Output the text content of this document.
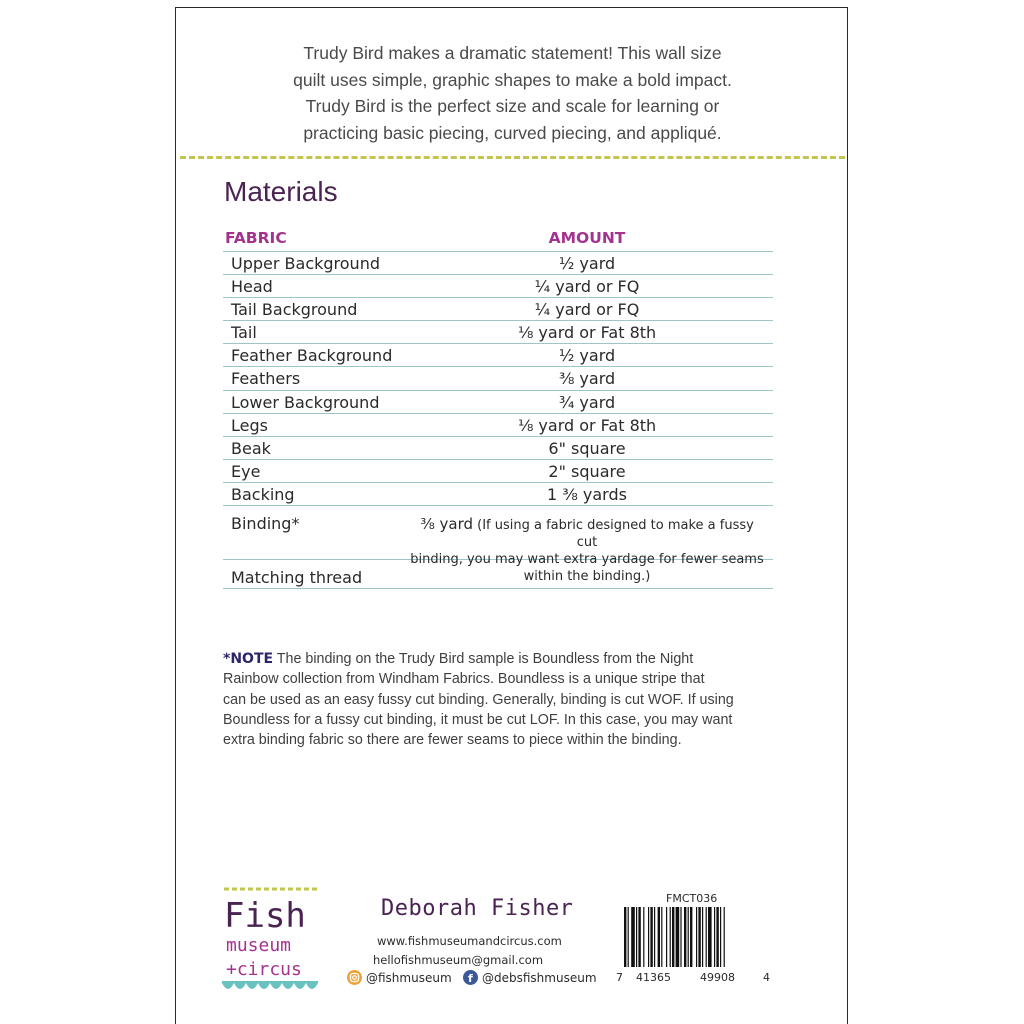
Trudy Bird makes a dramatic statement! This wall size
quilt uses simple, graphic shapes to make a bold impact.
Trudy Bird is the perfect size and scale for learning or
practicing basic piecing, curved piecing, and appliqué.
Materials
FABRIC	AMOUNT
Upper Background	½ yard
Head	¼ yard or FQ
Tail Background	¼ yard or FQ
Tail	⅛ yard or Fat 8th
Feather Background	½ yard
Feathers	⅜ yard
Lower Background	¾ yard
Legs	⅛ yard or Fat 8th
Beak	6" square
Eye	2" square
Backing	1 ⅜ yards
Binding*	⅜ yard (If using a fabric designed to make a fussy cut
binding, you may want extra yardage for fewer seams
within the binding.)
Matching thread
*NOTE The binding on the Trudy Bird sample is Boundless from the Night
Rainbow collection from Windham Fabrics. Boundless is a unique stripe that
can be used as an easy fussy cut binding. Generally, binding is cut WOF. If using
Boundless for a fussy cut binding, it must be cut LOF. In this case, you may want
extra binding fabric so there are fewer seams to piece within the binding.
Fish
museum
+circus
Deborah Fisher
www.fishmuseumandcircus.com
hellofishmuseum@gmail.com
@fishmuseum f @debsfishmuseum
FMCT036
7 41365	49908	4
